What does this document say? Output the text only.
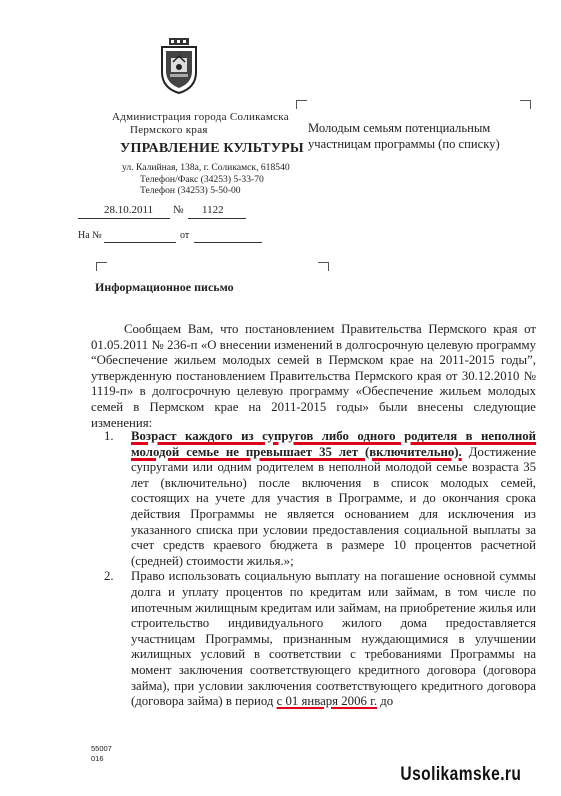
Администрация города Соликамска
Пермского края
УПРАВЛЕНИЕ КУЛЬТУРЫ
ул. Калийная, 138а, г. Соликамск, 618540
Телефон/Факс (34253) 5-33-70
Телефон (34253) 5-50-00
28.10.2011 № 1122
На №	от
Молодым семьям потенциальным участницам программы (по списку)
Информационное письмо

Сообщаем Вам, что постановлением Правительства Пермского края от 01.05.2011 № 236-п «О внесении изменений в долгосрочную целевую программу “Обеспечение жильем молодых семей в Пермском крае на 2011-2015 годы”, утвержденную постановлением Правительства Пермского края от 30.12.2010 № 1119-п» в долгосрочную целевую программу «Обеспечение жильем молодых семей в Пермском крае на 2011-2015 годы» были внесены следующие изменения:

1. Возраст каждого из супругов либо одного родителя в неполной молодой семье не превышает 35 лет (включительно). Достижение супругами или одним родителем в неполной молодой семье возраста 35 лет (включительно) после включения в список молодых семей, состоящих на учете для участия в Программе, и до окончания срока действия Программы не является основанием для исключения из указанного списка при условии предоставления социальной выплаты за счет средств краевого бюджета в размере 10 процентов расчетной (средней) стоимости жилья.»;
2. Право использовать социальную выплату на погашение основной суммы долга и уплату процентов по кредитам или займам, в том числе по ипотечным жилищным кредитам или займам, на приобретение жилья или строительство индивидуального жилого дома предоставляется участницам Программы, признанным нуждающимися в улучшении жилищных условий в соответствии с требованиями Программы на момент заключения соответствующего кредитного договора (договора займа), при условии заключения соответствующего кредитного договора (договора займа) в период с 01 января 2006 г. до
55007
016
Usolikamske.ru
